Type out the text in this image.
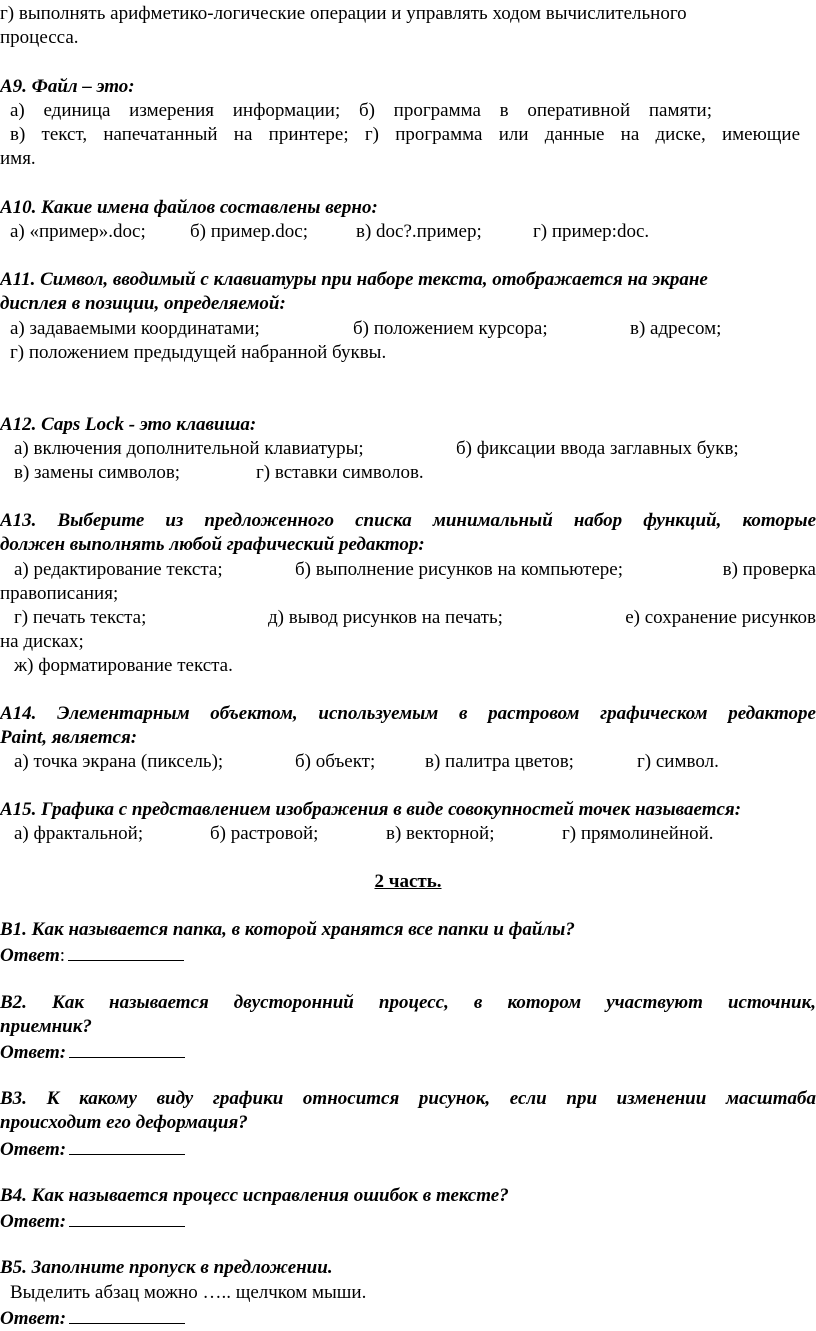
г) выполнять арифметико-логические операции и управлять ходом вычислительного
процесса.
А9. Файл – это:
а) единица измерения информации; б) программа в оперативной памяти;
в) текст, напечатанный на принтере; г) программа или данные на диске, имеющие
имя.
А10. Какие имена файлов составлены верно:
а) «пример».doc; б) пример.doc;	в) doc?.пример;	г) пример:doc.
А11. Символ, вводимый с клавиатуры при наборе текста, отображается на экране
дисплея в позиции, определяемой:
а) задаваемыми координатами;	б) положением курсора;	в) адресом;
г) положением предыдущей набранной буквы.
А12. Caps Lock - это клавиша:
а) включения дополнительной клавиатуры;	б) фиксации ввода заглавных букв;
в) замены символов;	г) вставки символов.
А13. Выберите из предложенного списка минимальный набор функций, которые
должен выполнять любой графический редактор:
а) редактирование текста;	б) выполнение рисунков на компьютере;	в) проверка
правописания;
г) печать текста;	д) вывод рисунков на печать;	е) сохранение рисунков
на дисках;
ж) форматирование текста.
А14. Элементарным объектом, используемым в растровом графическом редакторе
Paint, является:
а) точка экрана (пиксель);	б) объект;	в) палитра цветов;	г) символ.
А15. Графика с представлением изображения в виде совокупностей точек называется:
а) фрактальной;	б) растровой;	в) векторной;	г) прямолинейной.
2 часть.
В1. Как называется папка, в которой хранятся все папки и файлы?
Ответ:
В2. Как называется двусторонний процесс, в котором участвуют источник,
приемник?
Ответ:
В3. К какому виду графики относится рисунок, если при изменении масштаба
происходит его деформация?
Ответ:
В4. Как называется процесс исправления ошибок в тексте?
Ответ:
В5. Заполните пропуск в предложении.
Выделить абзац можно ….. щелчком мыши.
Ответ:
